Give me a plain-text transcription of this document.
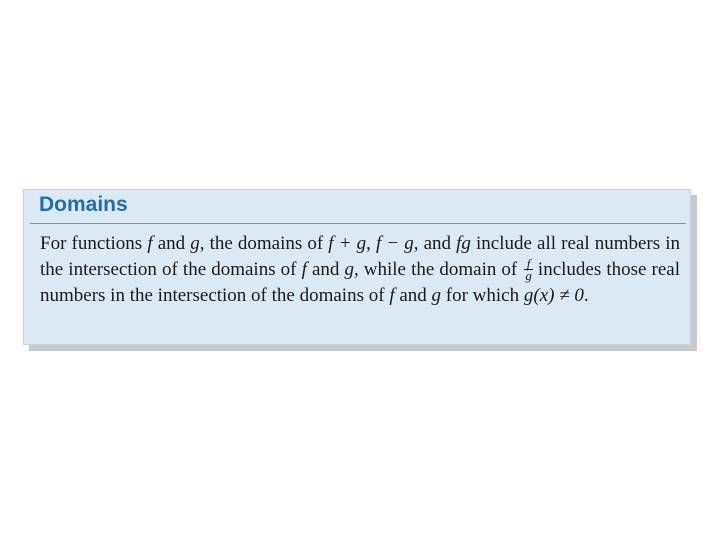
Domains
For functions f and g, the domains of f + g, f − g, and fg include all real numbers in the intersection of the domains of f and g, while the domain of $\frac{f}{g}$ includes those real numbers in the intersection of the domains of f and g for which g(x) ≠ 0.
